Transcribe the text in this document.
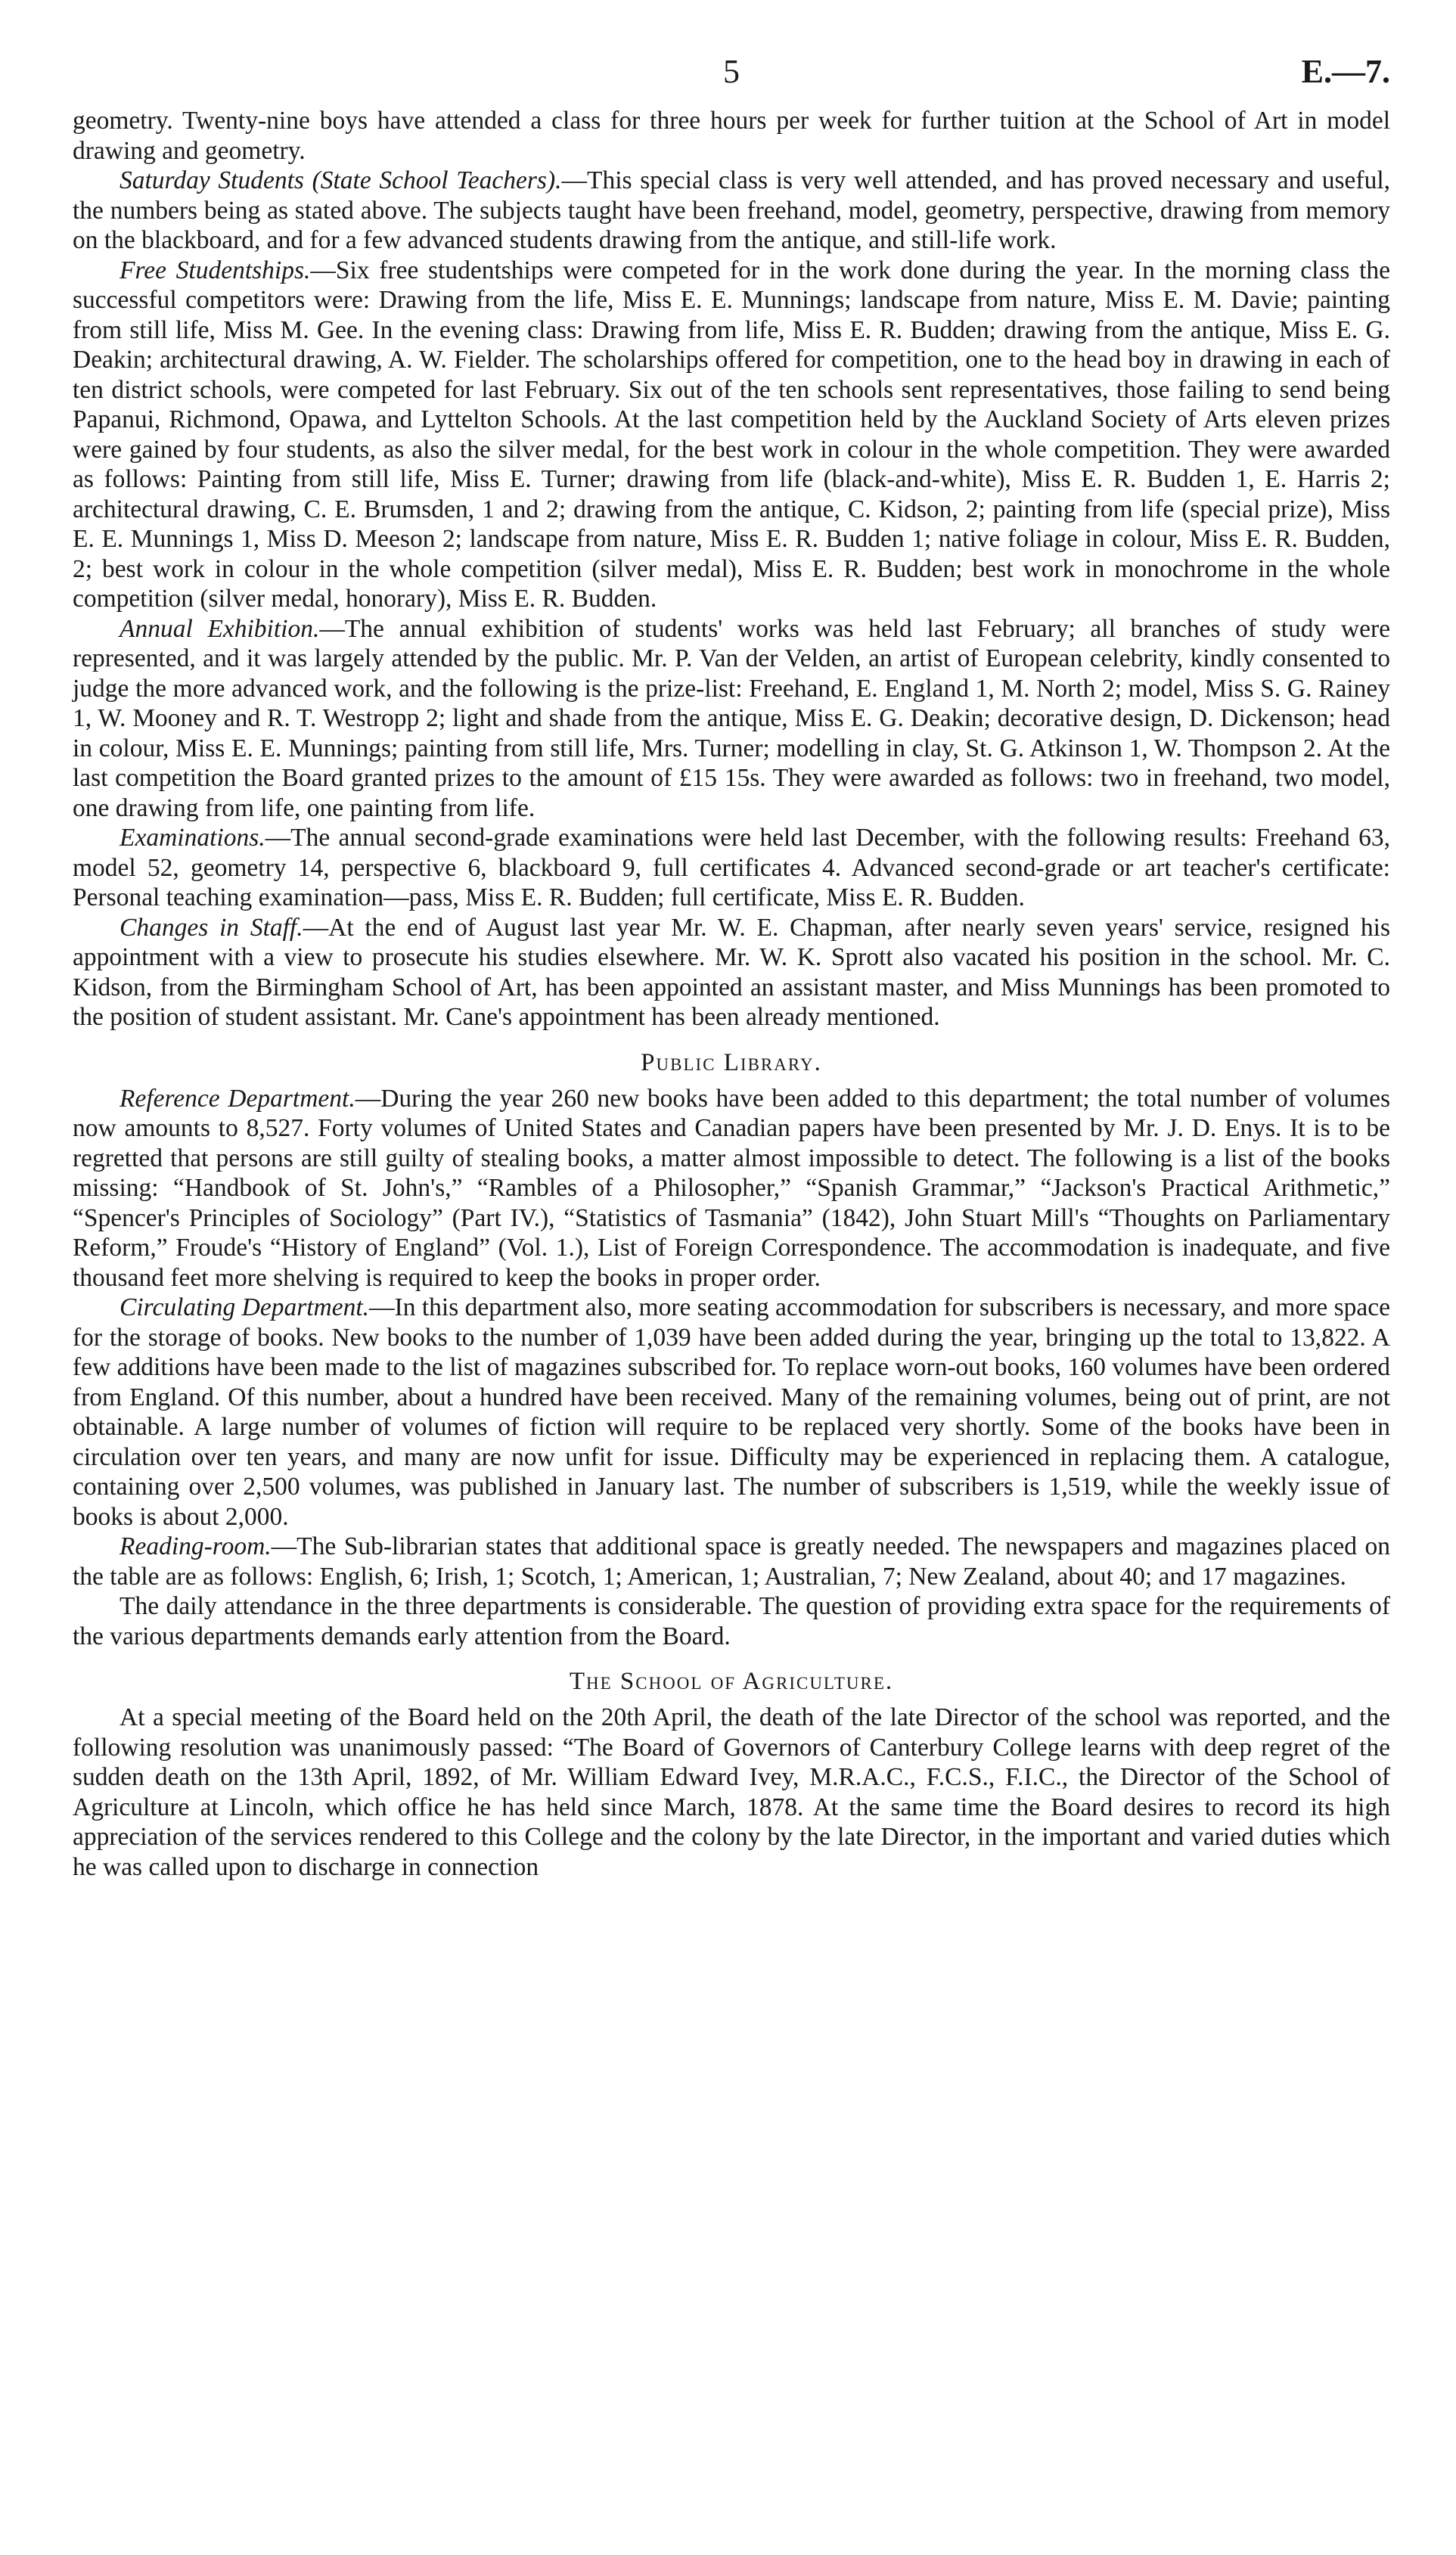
5	E.—7.

geometry. Twenty-nine boys have attended a class for three hours per week for further tuition at the School of Art in model drawing and geometry.

Saturday Students (State School Teachers).—This special class is very well attended, and has proved necessary and useful, the numbers being as stated above. The subjects taught have been freehand, model, geometry, perspective, drawing from memory on the blackboard, and for a few advanced students drawing from the antique, and still-life work.

Free Studentships.—Six free studentships were competed for in the work done during the year. In the morning class the successful competitors were: Drawing from the life, Miss E. E. Munnings; landscape from nature, Miss E. M. Davie; painting from still life, Miss M. Gee. In the evening class: Drawing from life, Miss E. R. Budden; drawing from the antique, Miss E. G. Deakin; architectural drawing, A. W. Fielder. The scholarships offered for competition, one to the head boy in drawing in each of ten district schools, were competed for last February. Six out of the ten schools sent representatives, those failing to send being Papanui, Richmond, Opawa, and Lyttelton Schools. At the last competition held by the Auckland Society of Arts eleven prizes were gained by four students, as also the silver medal, for the best work in colour in the whole competition. They were awarded as follows: Painting from still life, Miss E. Turner; drawing from life (black-and-white), Miss E. R. Budden 1, E. Harris 2; architectural drawing, C. E. Brumsden, 1 and 2; drawing from the antique, C. Kidson, 2; painting from life (special prize), Miss E. E. Munnings 1, Miss D. Meeson 2; landscape from nature, Miss E. R. Budden 1; native foliage in colour, Miss E. R. Budden, 2; best work in colour in the whole competition (silver medal), Miss E. R. Budden; best work in monochrome in the whole competition (silver medal, honorary), Miss E. R. Budden.

Annual Exhibition.—The annual exhibition of students' works was held last February; all branches of study were represented, and it was largely attended by the public. Mr. P. Van der Velden, an artist of European celebrity, kindly consented to judge the more advanced work, and the following is the prize-list: Freehand, E. England 1, M. North 2; model, Miss S. G. Rainey 1, W. Mooney and R. T. Westropp 2; light and shade from the antique, Miss E. G. Deakin; decorative design, D. Dickenson; head in colour, Miss E. E. Munnings; painting from still life, Mrs. Turner; modelling in clay, St. G. Atkinson 1, W. Thompson 2. At the last competition the Board granted prizes to the amount of £15 15s. They were awarded as follows: two in freehand, two model, one drawing from life, one painting from life.

Examinations.—The annual second-grade examinations were held last December, with the following results: Freehand 63, model 52, geometry 14, perspective 6, blackboard 9, full certificates 4. Advanced second-grade or art teacher's certificate: Personal teaching examination—pass, Miss E. R. Budden; full certificate, Miss E. R. Budden.

Changes in Staff.—At the end of August last year Mr. W. E. Chapman, after nearly seven years' service, resigned his appointment with a view to prosecute his studies elsewhere. Mr. W. K. Sprott also vacated his position in the school. Mr. C. Kidson, from the Birmingham School of Art, has been appointed an assistant master, and Miss Munnings has been promoted to the position of student assistant. Mr. Cane's appointment has been already mentioned.

Public Library.

Reference Department.—During the year 260 new books have been added to this department; the total number of volumes now amounts to 8,527. Forty volumes of United States and Canadian papers have been presented by Mr. J. D. Enys. It is to be regretted that persons are still guilty of stealing books, a matter almost impossible to detect. The following is a list of the books missing: “Handbook of St. John's,” “Rambles of a Philosopher,” “Spanish Grammar,” “Jackson's Practical Arithmetic,” “Spencer's Principles of Sociology” (Part IV.), “Statistics of Tasmania” (1842), John Stuart Mill's “Thoughts on Parliamentary Reform,” Froude's “History of England” (Vol. 1.), List of Foreign Correspondence. The accommodation is inadequate, and five thousand feet more shelving is required to keep the books in proper order.

Circulating Department.—In this department also, more seating accommodation for subscribers is necessary, and more space for the storage of books. New books to the number of 1,039 have been added during the year, bringing up the total to 13,822. A few additions have been made to the list of magazines subscribed for. To replace worn-out books, 160 volumes have been ordered from England. Of this number, about a hundred have been received. Many of the remaining volumes, being out of print, are not obtainable. A large number of volumes of fiction will require to be replaced very shortly. Some of the books have been in circulation over ten years, and many are now unfit for issue. Difficulty may be experienced in replacing them. A catalogue, containing over 2,500 volumes, was published in January last. The number of subscribers is 1,519, while the weekly issue of books is about 2,000.

Reading-room.—The Sub-librarian states that additional space is greatly needed. The newspapers and magazines placed on the table are as follows: English, 6; Irish, 1; Scotch, 1; American, 1; Australian, 7; New Zealand, about 40; and 17 magazines.

The daily attendance in the three departments is considerable. The question of providing extra space for the requirements of the various departments demands early attention from the Board.

The School of Agriculture.

At a special meeting of the Board held on the 20th April, the death of the late Director of the school was reported, and the following resolution was unanimously passed: “The Board of Governors of Canterbury College learns with deep regret of the sudden death on the 13th April, 1892, of Mr. William Edward Ivey, M.R.A.C., F.C.S., F.I.C., the Director of the School of Agriculture at Lincoln, which office he has held since March, 1878. At the same time the Board desires to record its high appreciation of the services rendered to this College and the colony by the late Director, in the important and varied duties which he was called upon to discharge in connection
